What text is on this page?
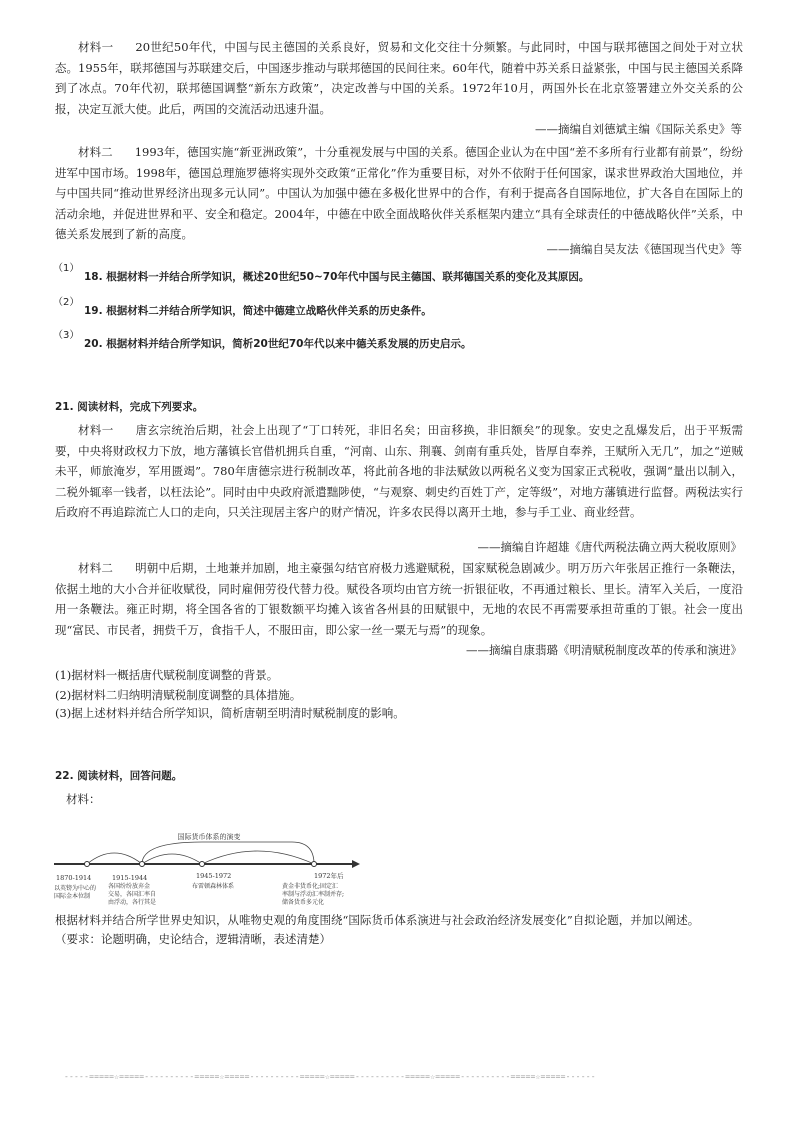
材料一 20世纪50年代，中国与民主德国的关系良好，贸易和文化交往十分频繁。与此同时，中国与联邦德国之间处于对立状态。1955年，联邦德国与苏联建交后，中国逐步推动与联邦德国的民间往来。60年代，随着中苏关系日益紧张，中国与民主德国关系降到了冰点。70年代初，联邦德国调整“新东方政策”，决定改善与中国的关系。1972年10月，两国外长在北京签署建立外交关系的公报，决定互派大使。此后，两国的交流活动迅速升温。

——摘编自刘德斌主编《国际关系史》等

材料二 1993年，德国实施“新亚洲政策”，十分重视发展与中国的关系。德国企业认为在中国“差不多所有行业都有前景”，纷纷进军中国市场。1998年，德国总理施罗德将实现外交政策“正常化”作为重要目标，对外不依附于任何国家，谋求世界政治大国地位，并与中国共同“推动世界经济出现多元认同”。中国认为加强中德在多极化世界中的合作，有利于提高各自国际地位，扩大各自在国际上的活动余地，并促进世界和平、安全和稳定。2004年，中德在中欧全面战略伙伴关系框架内建立“具有全球责任的中德战略伙伴”关系，中德关系发展到了新的高度。

——摘编自吴友法《德国现当代史》等
（1）
18. 根据材料一并结合所学知识，概述20世纪50~70年代中国与民主德国、联邦德国关系的变化及其原因。
（2）
19. 根据材料二并结合所学知识，简述中德建立战略伙伴关系的历史条件。
（3）
20. 根据材料并结合所学知识，简析20世纪70年代以来中德关系发展的历史启示。
21. 阅读材料，完成下列要求。

材料一 唐玄宗统治后期，社会上出现了“丁口转死，非旧名矣；田亩移换，非旧额矣”的现象。安史之乱爆发后，出于平叛需要，中央将财政权力下放，地方藩镇长官借机拥兵自重，“河南、山东、荆襄、剑南有重兵处，皆厚自奉养，王赋所入无几”，加之“逆贼未平，师旅淹岁，军用匮竭”。780年唐德宗进行税制改革，将此前各地的非法赋敛以两税名义变为国家正式税收，强调“量出以制入，二税外辄率一钱者，以枉法论”。同时由中央政府派遣黜陟使，“与观察、刺史约百姓丁产，定等级”，对地方藩镇进行监督。两税法实行后政府不再追踪流亡人口的走向，只关注现居主客户的财产情况，许多农民得以离开土地，参与手工业、商业经营。

——摘编自许超雄《唐代两税法确立两大税收原则》

材料二 明朝中后期，土地兼并加剧，地主豪强勾结官府极力逃避赋税，国家赋税急剧减少。明万历六年张居正推行一条鞭法，依据土地的大小合并征收赋役，同时雇佣劳役代替力役。赋役各项均由官方统一折银征收，不再通过粮长、里长。清军入关后，一度沿用一条鞭法。雍正时期，将全国各省的丁银数额平均摊入该省各州县的田赋银中，无地的农民不再需要承担苛重的丁银。社会一度出现“富民、市民者，拥赀千万，食指千人，不服田亩，即公家一丝一粟无与焉”的现象。

——摘编自康翡璐《明清赋税制度改革的传承和演进》
(1)据材料一概括唐代赋税制度调整的背景。
(2)据材料二归纳明清赋税制度调整的具体措施。
(3)据上述材料并结合所学知识，简析唐朝至明清时赋税制度的影响。
22. 阅读材料，回答问题。
材料：
国际货币体系的演变
1870-1914	1915-1944	1945-1972	1972年后
以英镑为中心的
国际金本位制
各国纷纷放弃金
交易，各国汇率自
由浮动，各行其是
布雷顿森林体系	黄金非货币化;固定汇
率制与浮动汇率制并存;
储备货币多元化
根据材料并结合所学世界史知识，从唯物史观的角度围绕“国际货币体系演进与社会政治经济发展变化”自拟论题，并加以阐述。
（要求：论题明确，史论结合，逻辑清晰，表述清楚）
-----=====☆=====----------=====☆=====----------=====☆=====----------=====☆=====----------=====☆=====------
